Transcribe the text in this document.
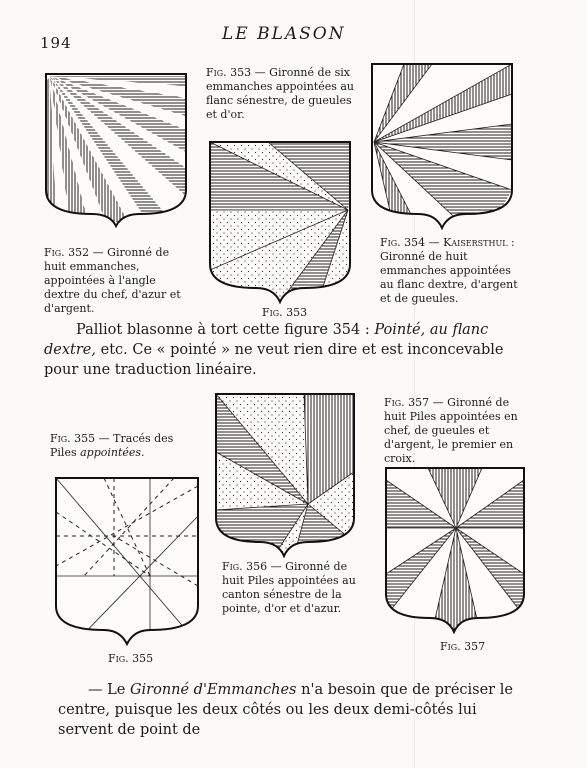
194	LE BLASON
Fig. 353 — Gironné de six emmanches appointées au flanc sénestre, de gueules et d'or.
Fig. 352 — Gironné de huit emmanches, appointées à l'angle dextre du chef, d'azur et d'argent.
Fig. 354 — Kaisersthul : Gironné de huit emmanches appointées au flanc dextre, d'argent et de gueules.
Fig. 353
Palliot blasonne à tort cette figure 354 : Pointé, au flanc dextre, etc. Ce « pointé » ne veut rien dire et est inconcevable pour une traduction linéaire.
Fig. 357 — Gironné de huit Piles appointées en chef, de gueules et d'argent, le premier en croix.
Fig. 355 — Tracés des Piles appointées.
Fig. 356 — Gironné de huit Piles appointées au canton sénestre de la pointe, d'or et d'azur.
Fig. 357
Fig. 355
— Le Gironné d'Emmanches n'a besoin que de préciser le centre, puisque les deux côtés ou les deux demi-côtés lui servent de point de
